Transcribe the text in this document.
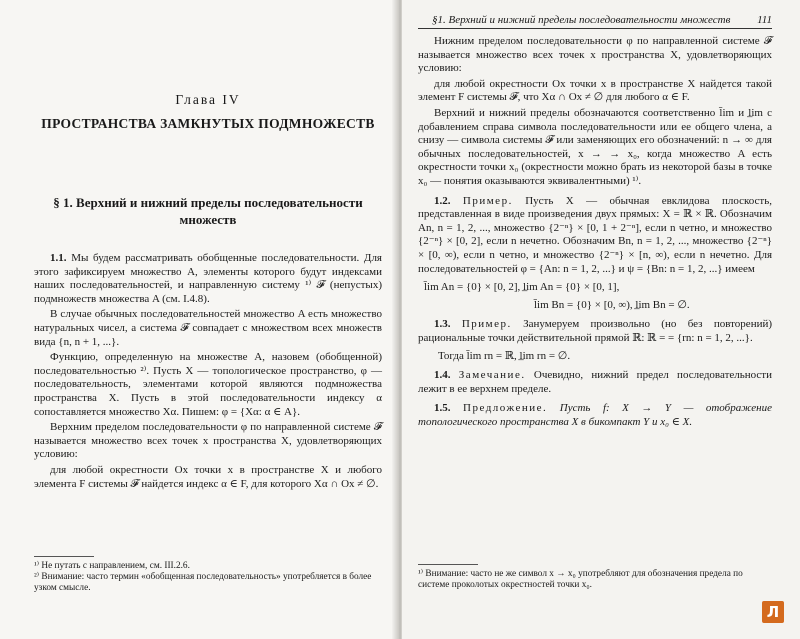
Глава IV
ПРОСТРАНСТВА ЗАМКНУТЫХ ПОДМНОЖЕСТВ
§ 1. Верхний и нижний пределы последовательности множеств

1.1. Мы будем рассматривать обобщенные последовательности. Для этого зафиксируем множество A, элементы которого будут индексами наших последовательностей, и направленную систему ¹⁾ 𝓕 (непустых) подмножеств множества A (см. I.4.8).

В случае обычных последовательностей множество A есть множество натуральных чисел, а система 𝓕 совпадает с множеством всех множеств вида {n, n + 1, ...}.

Функцию, определенную на множестве A, назовем (обобщенной) последовательностью ²⁾. Пусть X — топологическое пространство, φ — последовательность, элементами которой являются подмножества пространства X. Пусть в этой последовательности индексу α сопоставляется множество Xα. Пишем: φ = {Xα: α ∈ A}.

Верхним пределом последовательности φ по направленной системе 𝓕 называется множество всех точек x пространства X, удовлетворяющих условию:

для любой окрестности Ox точки x в пространстве X и любого элемента F системы 𝓕 найдется индекс α ∈ F, для которого Xα ∩ Ox ≠ ∅.

¹⁾ Не путать с направлением, см. III.2.6.
²⁾ Внимание: часто термин «обобщенная последовательность» употребляется в более узком смысле.
§1. Верхний и нижний пределы последовательности множеств 111

Нижним пределом последовательности φ по направленной системе 𝓕 называется множество всех точек x пространства X, удовлетворяющих условию:

для любой окрестности Ox точки x в пространстве X найдется такой элемент F системы 𝓕, что Xα ∩ Ox ≠ ∅ для любого α ∈ F.

Верхний и нижний пределы обозначаются соответственно l̄im и l̲im с добавлением справа символа последовательности или ее общего члена, а снизу — символа системы 𝓕 или заменяющих его обозначений: n → ∞ для обычных последовательностей, x → → x₀, когда множество A есть окрестности точки x₀ (окрестности можно брать из некоторой базы в точке x₀ — понятия оказываются эквивалентными) ¹⁾.

1.2. Пример. Пусть X — обычная евклидова плоскость, представленная в виде произведения двух прямых: X = ℝ × ℝ. Обозначим An, n = 1, 2, ..., множество {2⁻ⁿ} × [0, 1 + 2⁻ⁿ], если n четно, и множество {2⁻ⁿ} × [0, 2], если n нечетно. Обозначим Bn, n = 1, 2, ..., множество {2⁻ⁿ} × [0, ∞), если n четно, и множество {2⁻ⁿ} × [n, ∞), если n нечетно. Для последовательностей φ = {An: n = 1, 2, ...} и ψ = {Bn: n = 1, 2, ...} имеем

l̄im An = {0} × [0, 2], l̲im An = {0} × [0, 1],
l̄im Bn = {0} × [0, ∞), l̲im Bn = ∅.

1.3. Пример. Занумеруем произвольно (но без повторений) рациональные точки действительной прямой ℝ: ℝ = = {rn: n = 1, 2, ...}.

Тогда l̄im rn = ℝ, l̲im rn = ∅.

1.4. Замечание. Очевидно, нижний предел последовательности лежит в ее верхнем пределе.

1.5. Предложение. Пусть f: X → Y — отображение топологического пространства X в бикомпакт Y и x₀ ∈ X.

¹⁾ Внимание: часто не же символ x → x₀ употребляют для обозначения предела по системе проколотых окрестностей точки x₀.
Л
